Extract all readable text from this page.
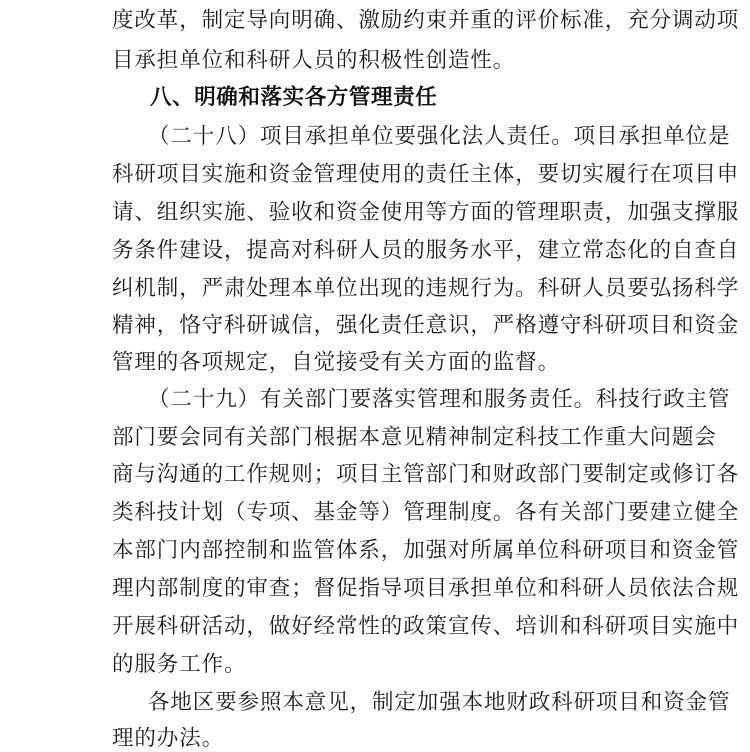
度改革，制定导向明确、激励约束并重的评价标准，充分调动项

目承担单位和科研人员的积极性创造性。

八、明确和落实各方管理责任

（二十八）项目承担单位要强化法人责任。项目承担单位是

科研项目实施和资金管理使用的责任主体，要切实履行在项目申

请、组织实施、验收和资金使用等方面的管理职责，加强支撑服

务条件建设，提高对科研人员的服务水平，建立常态化的自查自

纠机制，严肃处理本单位出现的违规行为。科研人员要弘扬科学

精神，恪守科研诚信，强化责任意识，严格遵守科研项目和资金

管理的各项规定，自觉接受有关方面的监督。

（二十九）有关部门要落实管理和服务责任。科技行政主管

部门要会同有关部门根据本意见精神制定科技工作重大问题会

商与沟通的工作规则；项目主管部门和财政部门要制定或修订各

类科技计划（专项、基金等）管理制度。各有关部门要建立健全

本部门内部控制和监管体系，加强对所属单位科研项目和资金管

理内部制度的审查；督促指导项目承担单位和科研人员依法合规

开展科研活动，做好经常性的政策宣传、培训和科研项目实施中

的服务工作。

各地区要参照本意见，制定加强本地财政科研项目和资金管

理的办法。
